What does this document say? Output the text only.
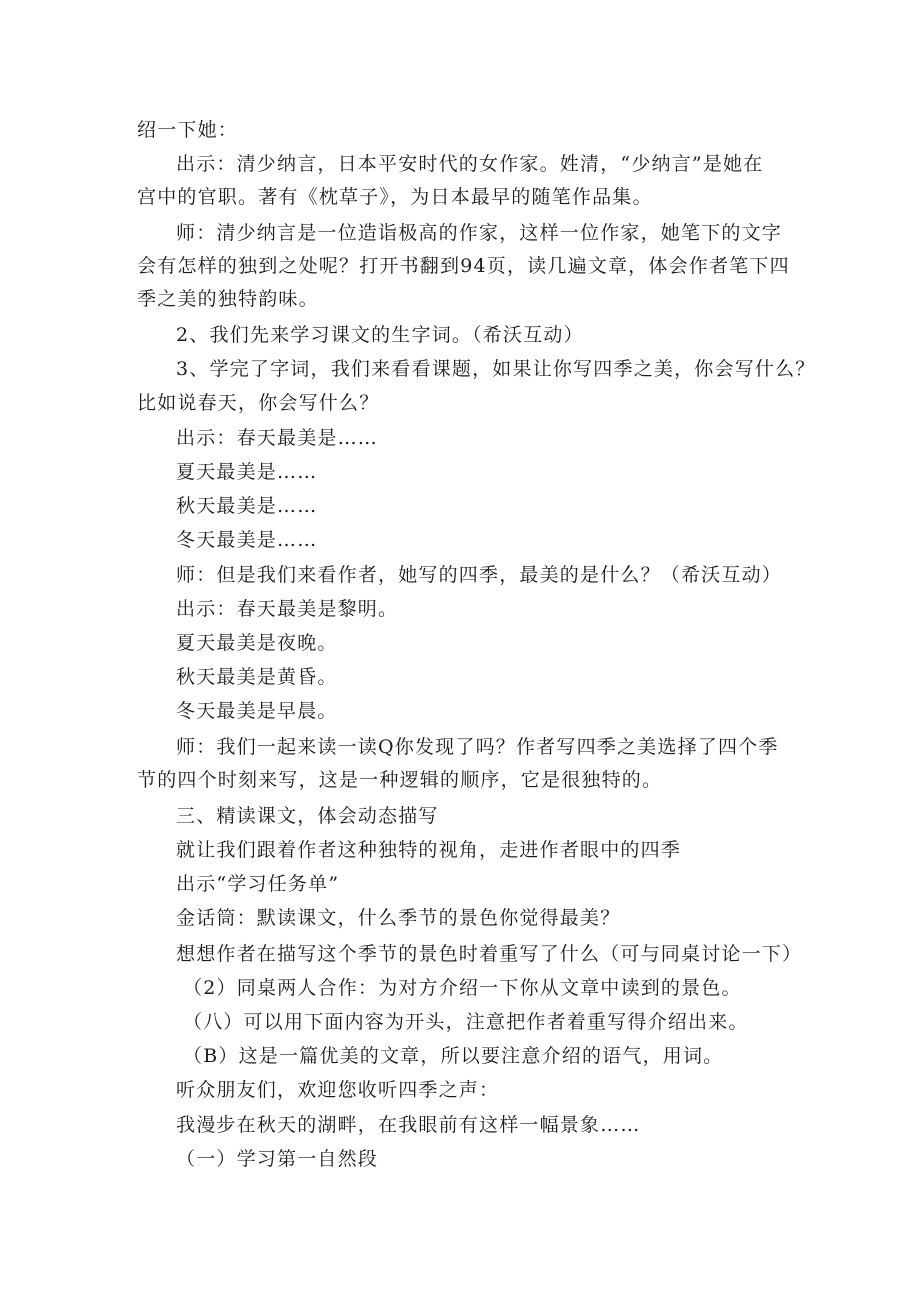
绍一下她：
出示：清少纳言，日本平安时代的女作家。姓清，“少纳言”是她在
宫中的官职。著有《枕草子》，为日本最早的随笔作品集。
师：清少纳言是一位造诣极高的作家，这样一位作家，她笔下的文字
会有怎样的独到之处呢？打开书翻到94页，读几遍文章，体会作者笔下四
季之美的独特韵味。
2、我们先来学习课文的生字词。（希沃互动）
3、学完了字词，我们来看看课题，如果让你写四季之美，你会写什么？
比如说春天，你会写什么？
出示：春天最美是……
夏天最美是……
秋天最美是……
冬天最美是……
师：但是我们来看作者，她写的四季，最美的是什么？（希沃互动）
出示：春天最美是黎明。
夏天最美是夜晚。
秋天最美是黄昏。
冬天最美是早晨。
师：我们一起来读一读Q你发现了吗？作者写四季之美选择了四个季
节的四个时刻来写，这是一种逻辑的顺序，它是很独特的。
三、精读课文，体会动态描写
就让我们跟着作者这种独特的视角，走进作者眼中的四季
出示“学习任务单”
金话筒：默读课文，什么季节的景色你觉得最美？
想想作者在描写这个季节的景色时着重写了什么（可与同桌讨论一下）
（2）同桌两人合作：为对方介绍一下你从文章中读到的景色。
（八）可以用下面内容为开头，注意把作者着重写得介绍出来。
（B）这是一篇优美的文章，所以要注意介绍的语气，用词。
听众朋友们，欢迎您收听四季之声：
我漫步在秋天的湖畔，在我眼前有这样一幅景象……
（一）学习第一自然段
